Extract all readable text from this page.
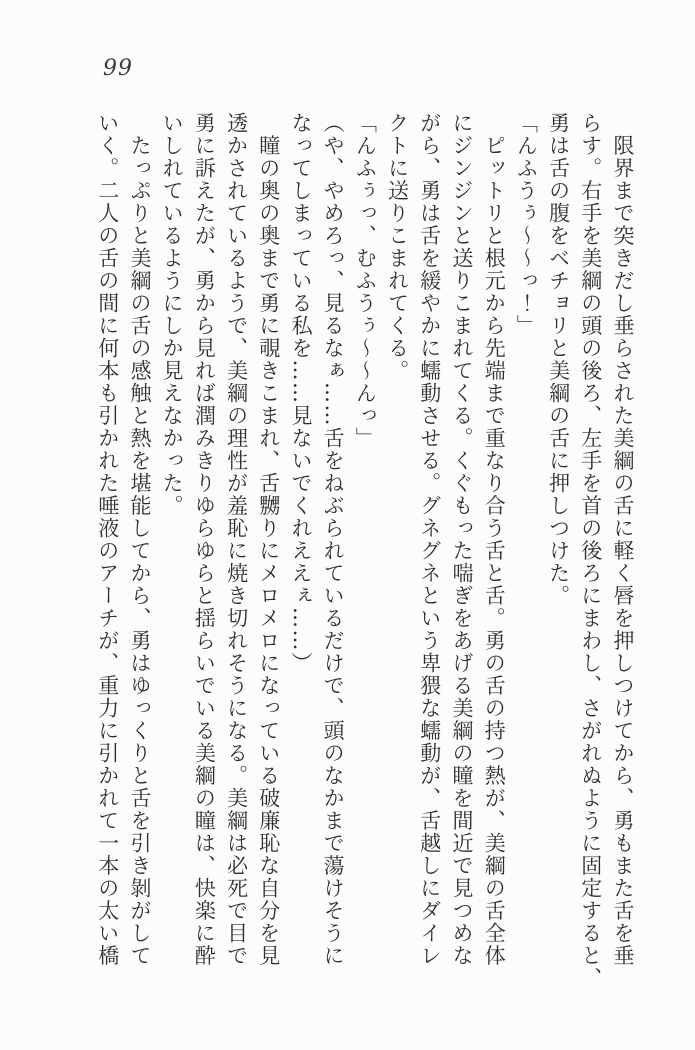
99
　限界まで突きだし垂らされた美綱の舌に軽く唇を押しつけてから、勇もまた舌を垂
らす。右手を美綱の頭の後ろ、左手を首の後ろにまわし、さがれぬように固定すると、
勇は舌の腹をベチョリと美綱の舌に押しつけた。
「んふうぅ～～っ！」
　ピットリと根元から先端まで重なり合う舌と舌。勇の舌の持つ熱が、美綱の舌全体
にジンジンと送りこまれてくる。くぐもった喘ぎをあげる美綱の瞳を間近で見つめな
がら、勇は舌を緩やかに蠕動させる。グネグネという卑猥な蠕動が、舌越しにダイレ
クトに送りこまれてくる。
「んふぅっ、むふうぅ～～んっ」
（や、やめろっ、見るなぁ……舌をねぶられているだけで、頭のなかまで蕩けそうに
なってしまっている私を……見ないでくれええぇ……）
　瞳の奥の奥まで勇に覗きこまれ、舌嬲りにメロメロになっている破廉恥な自分を見
透かされているようで、美綱の理性が羞恥に焼き切れそうになる。美綱は必死で目で
勇に訴えたが、勇から見れば潤みきりゆらゆらと揺らいでいる美綱の瞳は、快楽に酔
いしれているようにしか見えなかった。
　たっぷりと美綱の舌の感触と熱を堪能してから、勇はゆっくりと舌を引き剝がして
いく。二人の舌の間に何本も引かれた唾液のアーチが、重力に引かれて一本の太い橋
